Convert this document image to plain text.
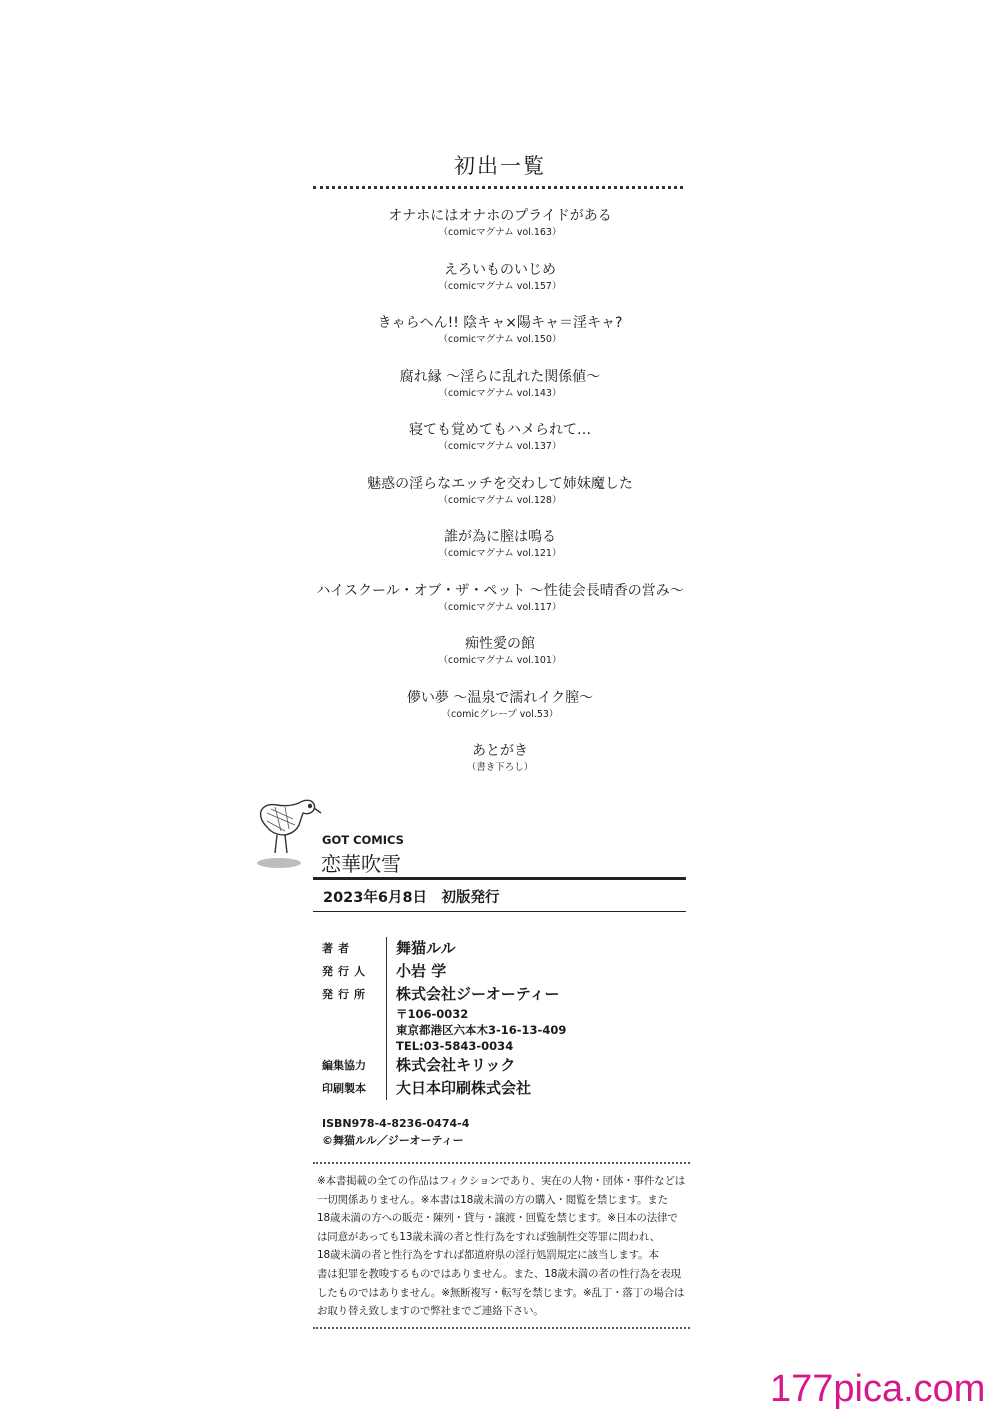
初出一覧
オナホにはオナホのプライドがある
（comicマグナム vol.163）
えろいものいじめ
（comicマグナム vol.157）
きゃらへん!! 陰キャ×陽キャ＝淫キャ?
（comicマグナム vol.150）
腐れ縁 ～淫らに乱れた関係値～
（comicマグナム vol.143）
寝ても覚めてもハメられて…
（comicマグナム vol.137）
魅惑の淫らなエッチを交わして姉妹魔した
（comicマグナム vol.128）
誰が為に膣は鳴る
（comicマグナム vol.121）
ハイスクール・オブ・ザ・ペット ～性徒会長晴香の営み～
（comicマグナム vol.117）
痴性愛の館
（comicマグナム vol.101）
儚い夢 ～温泉で濡れイク膣～
（comicグレープ vol.53）
あとがき
（書き下ろし）
GOT COMICS
恋華吹雪
2023年6月8日　初版発行
著者	舞猫ルル
発行人	小岩 学
発行所	株式会社ジーオーティー
〒106-0032
東京都港区六本木3-16-13-409
TEL:03-5843-0034
編集協力	株式会社キリック
印刷製本	大日本印刷株式会社
ISBN978-4-8236-0474-4
©舞猫ルル／ジーオーティー

※本書掲載の全ての作品はフィクションであり、実在の人物・団体・事件などは

一切関係ありません。※本書は18歳未満の方の購入・閲覧を禁じます。また

18歳未満の方への販売・陳列・貸与・譲渡・回覧を禁じます。※日本の法律で

は同意があっても13歳未満の者と性行為をすれば強制性交等罪に問われ、

18歳未満の者と性行為をすれば都道府県の淫行処罰規定に該当します。本

書は犯罪を教唆するものではありません。また、18歳未満の者の性行為を表現

したものではありません。※無断複写・転写を禁じます。※乱丁・落丁の場合は

お取り替え致しますので弊社までご連絡下さい。

177pica.com
